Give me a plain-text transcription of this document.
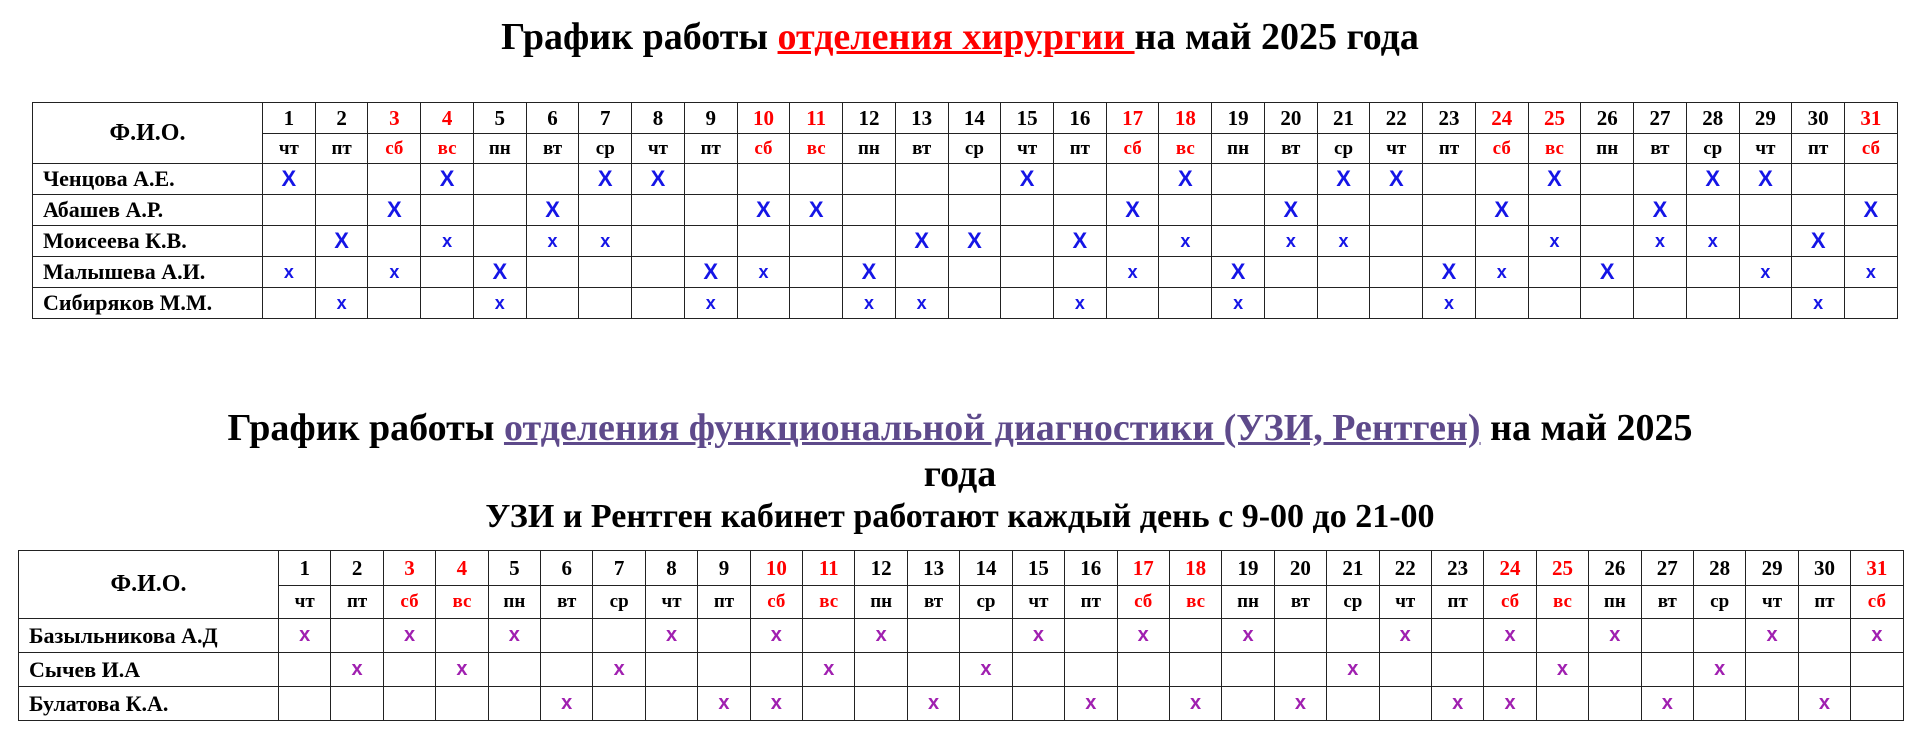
График работы отделения хирургии на май 2025 года
Ф.И.О.	1	2	3	4	5	6	7	8	9	10	11	12	13	14	15	16	17	18	19	20	21	22	23	24	25	26	27	28	29	30	31
	чт	пт	сб	вс	пн	вт	ср	чт	пт	сб	вс	пн	вт	ср	чт	пт	сб	вс	пн	вт	ср	чт	пт	сб	вс	пн	вт	ср	чт	пт	сб
Ченцова А.Е.	X			X			X	X							X			X			X	X			X			X	X		
Абашев А.Р.			X			X				X	X						X			X				X			X				X
Моисеева К.В.		X		x		x	x						X	X		X		x		x	x				x		x	x		X	
Малышева А.И.	x		x		X				X	x		X					x		X				X	x		X			x		x
Сибиряков М.М.		x			x				x			x	x			x			x				x							x	
График работы отделения функциональной диагностики (УЗИ, Рентген) на май 2025
года
УЗИ и Рентген кабинет работают каждый день с 9-00 до 21-00
Ф.И.О.	1	2	3	4	5	6	7	8	9	10	11	12	13	14	15	16	17	18	19	20	21	22	23	24	25	26	27	28	29	30	31
	чт	пт	сб	вс	пн	вт	ср	чт	пт	сб	вс	пн	вт	ср	чт	пт	сб	вс	пн	вт	ср	чт	пт	сб	вс	пн	вт	ср	чт	пт	сб
Базыльникова А.Д	x		x		x			x		x		x			x		x		x			x		x		x			x		x
Сычев И.А		x		x			x				x			x							x				x			x			
Булатова К.А.						x			x	x			x			x		x		x			x	x			x			x	
